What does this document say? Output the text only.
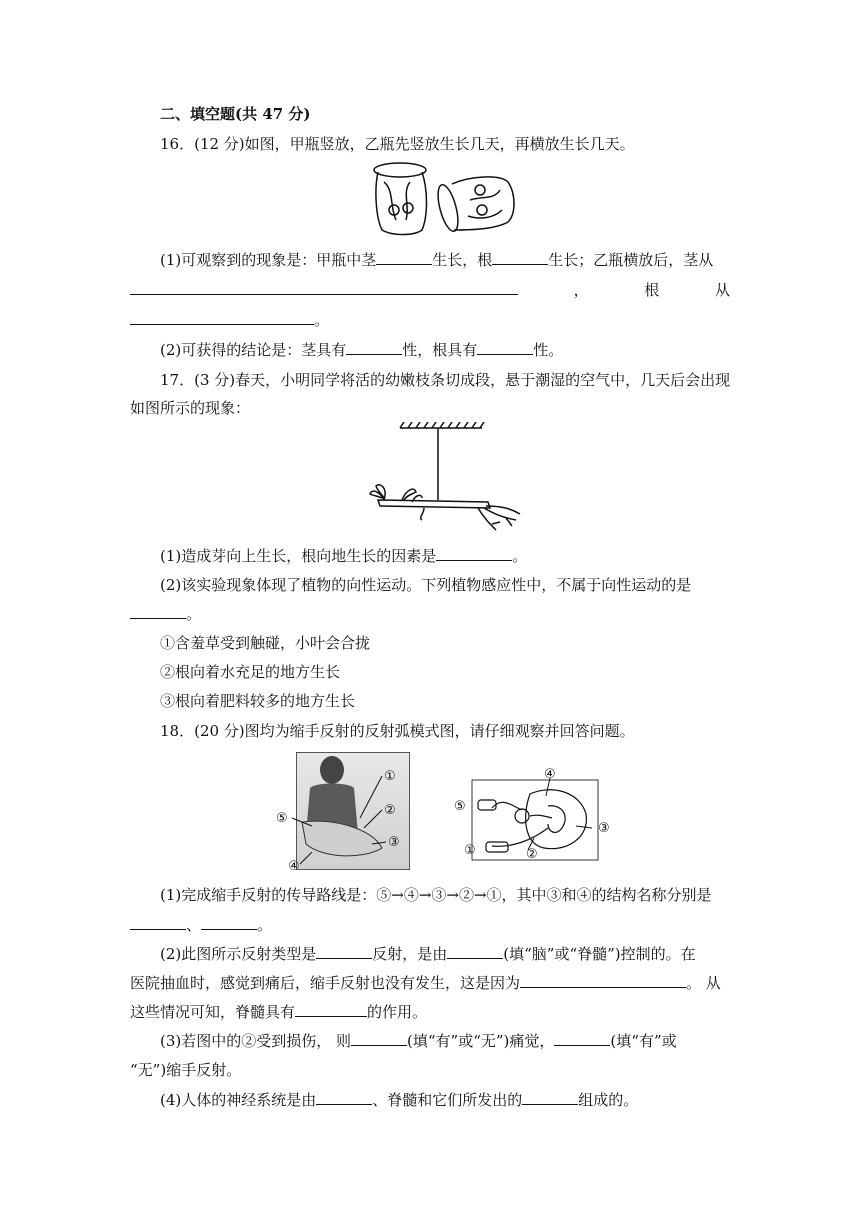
二、填空题(共 47 分)
16．(12 分)如图，甲瓶竖放，乙瓶先竖放生长几天，再横放生长几天。
(1)可观察到的现象是：甲瓶中茎	生长，根	生长；乙瓶横放后，茎从
，	根	从
。
(2)可获得的结论是：茎具有	性，根具有	性。
17．(3 分)春天，小明同学将活的幼嫩枝条切成段，悬于潮湿的空气中，几天后会出现
如图所示的现象：
(1)造成芽向上生长，根向地生长的因素是	。
(2)该实验现象体现了植物的向性运动。下列植物感应性中，不属于向性运动的是
。
①含羞草受到触碰，小叶会合拢
②根向着水充足的地方生长
③根向着肥料较多的地方生长
18．(20 分)图均为缩手反射的反射弧模式图，请仔细观察并回答问题。
①
②
③
④
⑤
④
⑤
③
①	②
(1)完成缩手反射的传导路线是：⑤→④→③→②→①，其中③和④的结构名称分别是
、	。
(2)此图所示反射类型是	反射，是由	(填“脑”或“脊髓”)控制的。在
医院抽血时，感觉到痛后，缩手反射也没有发生，这是因为	。 从
这些情况可知，脊髓具有	的作用。
(3)若图中的②受到损伤， 则	(填“有”或“无”)痛觉，	(填“有”或
“无”)缩手反射。
(4)人体的神经系统是由	、脊髓和它们所发出的	组成的。
